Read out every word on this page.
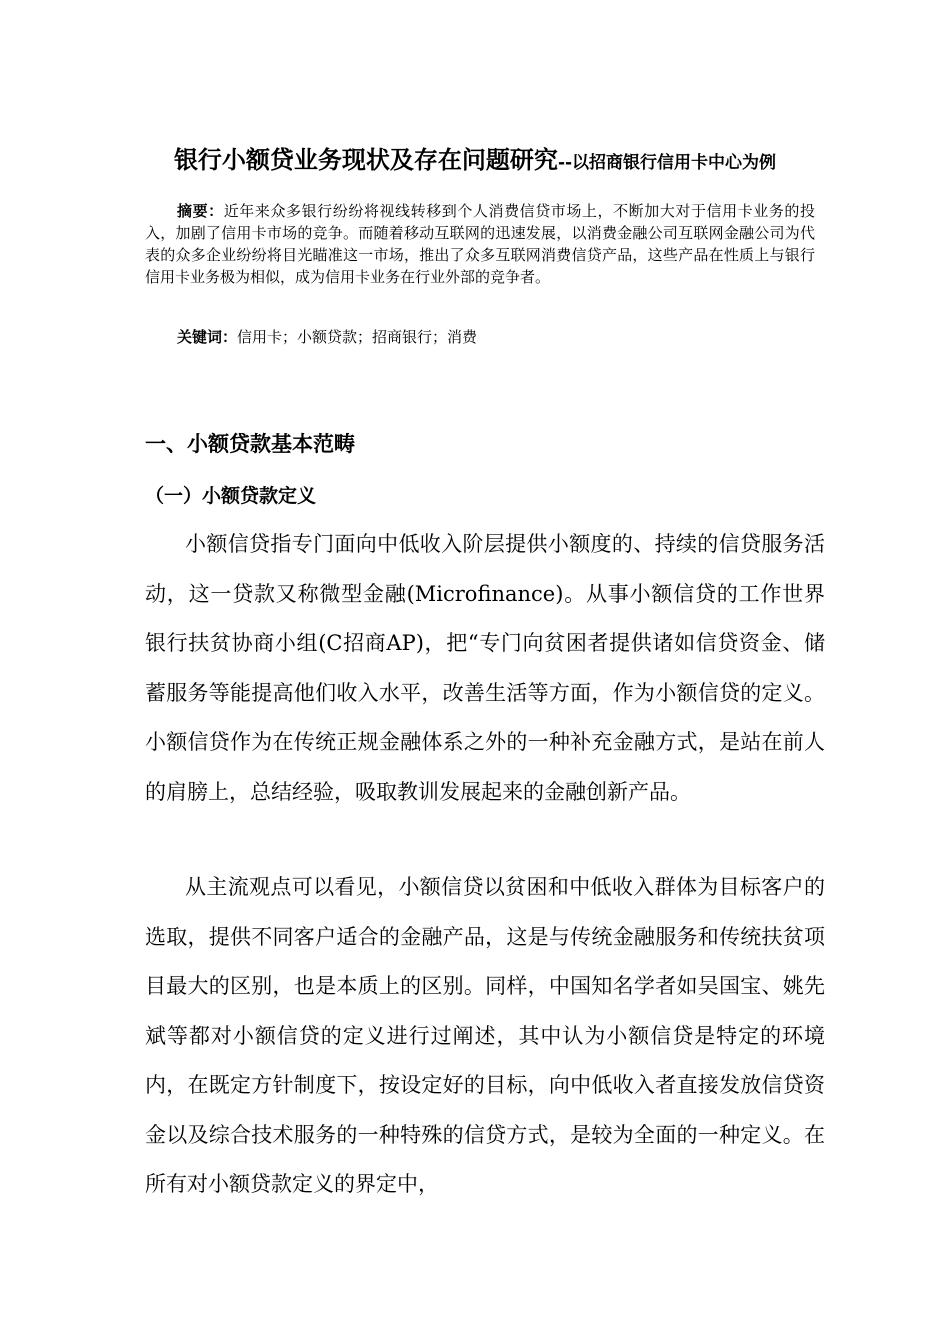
银行小额贷业务现状及存在问题研究--以招商银行信用卡中心为例

摘要：近年来众多银行纷纷将视线转移到个人消费信贷市场上，不断加大对于信用卡业务的投入，加剧了信用卡市场的竞争。而随着移动互联网的迅速发展，以消费金融公司互联网金融公司为代表的众多企业纷纷将目光瞄准这一市场，推出了众多互联网消费信贷产品，这些产品在性质上与银行信用卡业务极为相似，成为信用卡业务在行业外部的竞争者。

关键词：信用卡；小额贷款；招商银行；消费

一、小额贷款基本范畴
（一）小额贷款定义

小额信贷指专门面向中低收入阶层提供小额度的、持续的信贷服务活动，这一贷款又称微型金融(Microfinance)。从事小额信贷的工作世界银行扶贫协商小组(C招商AP)，把“专门向贫困者提供诸如信贷资金、储蓄服务等能提高他们收入水平，改善生活等方面，作为小额信贷的定义。小额信贷作为在传统正规金融体系之外的一种补充金融方式，是站在前人的肩膀上，总结经验，吸取教训发展起来的金融创新产品。

从主流观点可以看见，小额信贷以贫困和中低收入群体为目标客户的选取，提供不同客户适合的金融产品，这是与传统金融服务和传统扶贫项目最大的区别，也是本质上的区别。同样，中国知名学者如吴国宝、姚先斌等都对小额信贷的定义进行过阐述，其中认为小额信贷是特定的环境内，在既定方针制度下，按设定好的目标，向中低收入者直接发放信贷资金以及综合技术服务的一种特殊的信贷方式，是较为全面的一种定义。在所有对小额贷款定义的界定中，
